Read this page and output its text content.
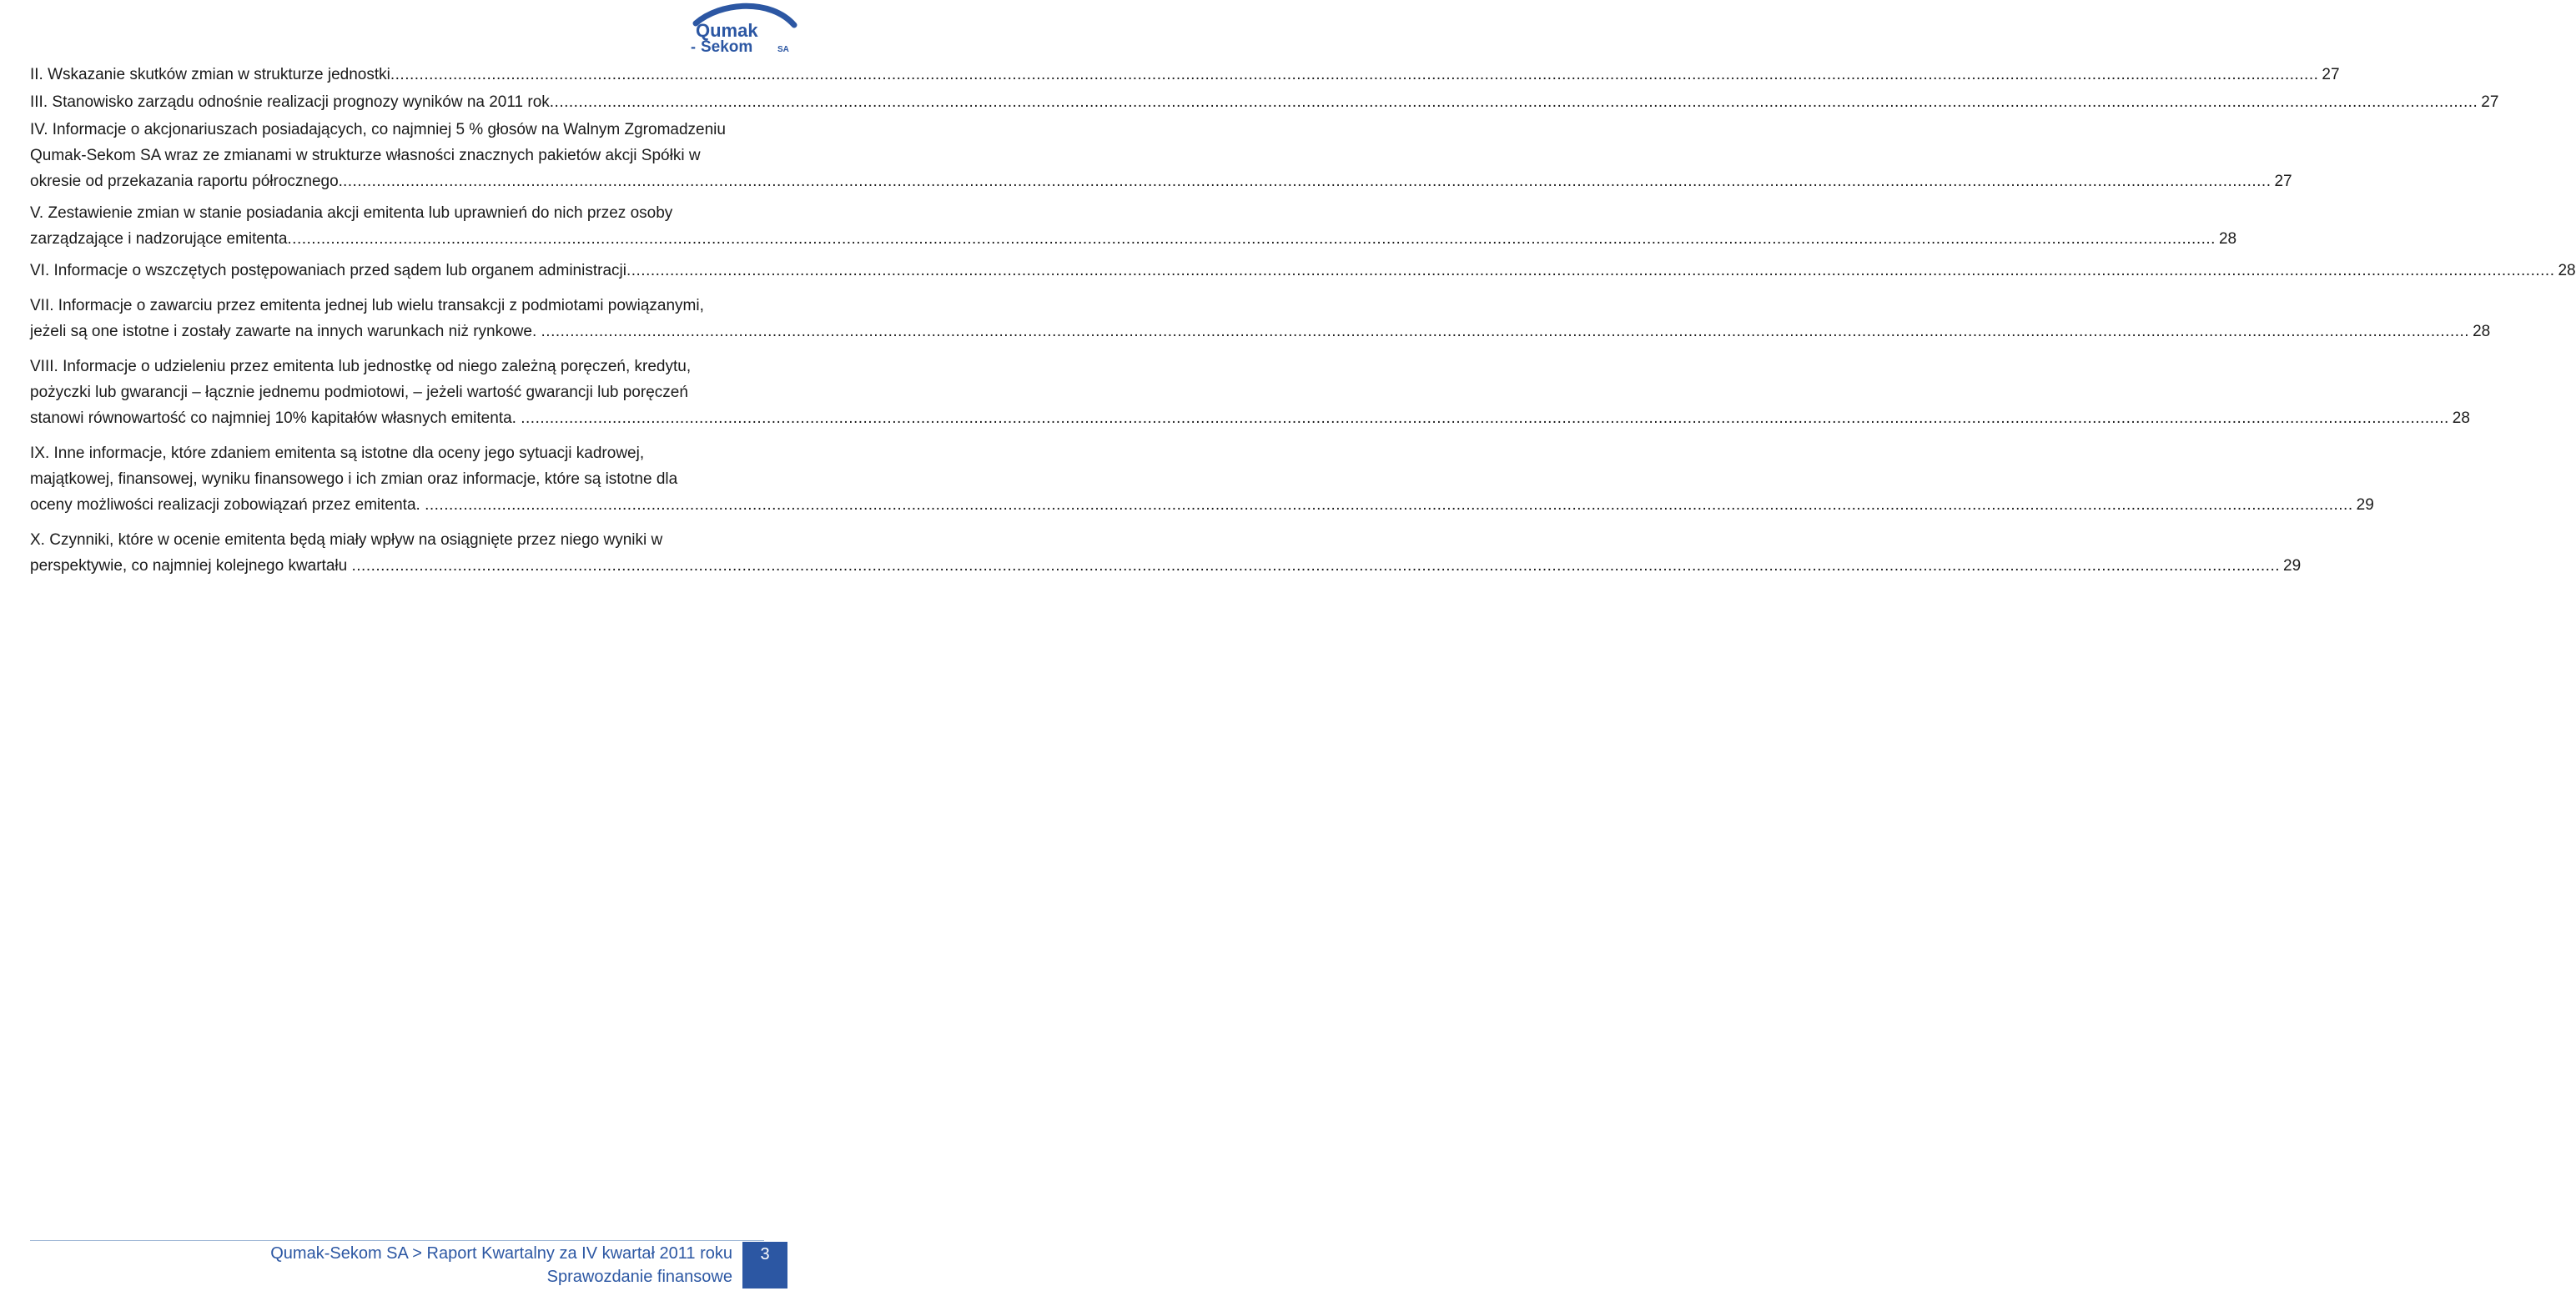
Qumak
- Sekom	SA
II. Wskazanie skutków zmian w strukturze jednostki ................................................................................................................................................................................................................................................................................................................................................................................................................ 27
III. Stanowisko zarządu odnośnie realizacji prognozy wyników na 2011 rok ................................................................................................................................................................................................................................................................................................................................................................................................................ 27
IV. Informacje o akcjonariuszach posiadających, co najmniej 5 % głosów na Walnym Zgromadzeniu
Qumak-Sekom SA wraz ze zmianami w strukturze własności znacznych pakietów akcji Spółki w
okresie od przekazania raportu półrocznego. ................................................................................................................................................................................................................................................................................................................................................................................................................ 27
V. Zestawienie zmian w stanie posiadania akcji emitenta lub uprawnień do nich przez osoby
zarządzające i nadzorujące emitenta ................................................................................................................................................................................................................................................................................................................................................................................................................ 28
VI. Informacje o wszczętych postępowaniach przed sądem lub organem administracji ................................................................................................................................................................................................................................................................................................................................................................................................................ 28
VII. Informacje o zawarciu przez emitenta jednej lub wielu transakcji z podmiotami powiązanymi,
jeżeli są one istotne i zostały zawarte na innych warunkach niż rynkowe. ................................................................................................................................................................................................................................................................................................................................................................................................................ 28
VIII. Informacje o udzieleniu przez emitenta lub jednostkę od niego zależną poręczeń, kredytu,
pożyczki lub gwarancji – łącznie jednemu podmiotowi, – jeżeli wartość gwarancji lub poręczeń
stanowi równowartość co najmniej 10% kapitałów własnych emitenta. ................................................................................................................................................................................................................................................................................................................................................................................................................ 28
IX. Inne informacje, które zdaniem emitenta są istotne dla oceny jego sytuacji kadrowej,
majątkowej, finansowej, wyniku finansowego i ich zmian oraz informacje, które są istotne dla
oceny możliwości realizacji zobowiązań przez emitenta. ................................................................................................................................................................................................................................................................................................................................................................................................................ 29
X. Czynniki, które w ocenie emitenta będą miały wpływ na osiągnięte przez niego wyniki w
perspektywie, co najmniej kolejnego kwartału ................................................................................................................................................................................................................................................................................................................................................................................................................ 29
Qumak-Sekom SA > Raport Kwartalny za IV kwartał 2011 roku
Sprawozdanie finansowe
3
